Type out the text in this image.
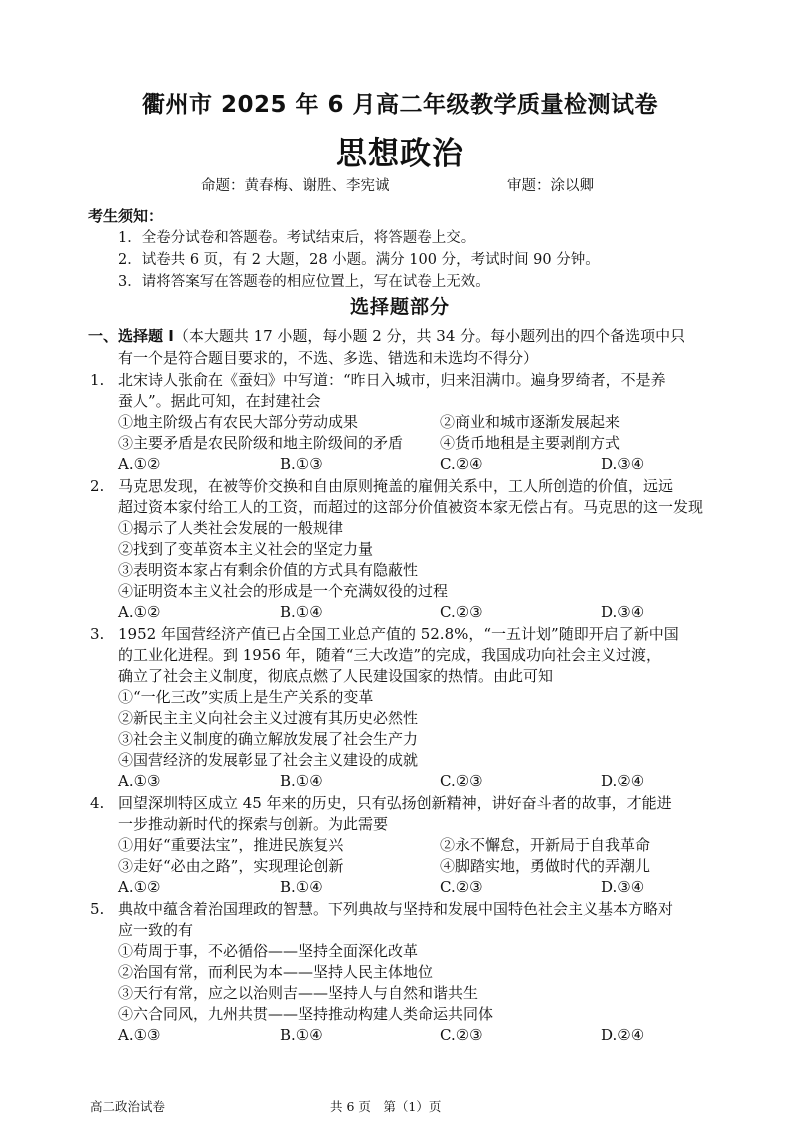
衢州市 2025 年 6 月高二年级教学质量检测试卷
思想政治
命题：黄春梅、谢胜、李宪诚	审题：涂以卿
考生须知：
1．全卷分试卷和答题卷。考试结束后，将答题卷上交。
2．试卷共 6 页，有 2 大题，28 小题。满分 100 分，考试时间 90 分钟。
3．请将答案写在答题卷的相应位置上，写在试卷上无效。
选择题部分
一、选择题 I（本大题共 17 小题，每小题 2 分，共 34 分。每小题列出的四个备选项中只
有一个是符合题目要求的，不选、多选、错选和未选均不得分）
1. 北宋诗人张俞在《蚕妇》中写道：“昨日入城市，归来泪满巾。遍身罗绮者，不是养
蚕人”。据此可知，在封建社会
①地主阶级占有农民大部分劳动成果	②商业和城市逐渐发展起来
③主要矛盾是农民阶级和地主阶级间的矛盾 ④货币地租是主要剥削方式
A.①②	B.①③	C.②④	D.③④
2. 马克思发现，在被等价交换和自由原则掩盖的雇佣关系中，工人所创造的价值，远远
超过资本家付给工人的工资，而超过的这部分价值被资本家无偿占有。马克思的这一发现
①揭示了人类社会发展的一般规律
②找到了变革资本主义社会的坚定力量
③表明资本家占有剩余价值的方式具有隐蔽性
④证明资本主义社会的形成是一个充满奴役的过程
A.①②	B.①④	C.②③	D.③④
3. 1952 年国营经济产值已占全国工业总产值的 52.8%，“一五计划”随即开启了新中国
的工业化进程。到 1956 年，随着“三大改造”的完成，我国成功向社会主义过渡，
确立了社会主义制度，彻底点燃了人民建设国家的热情。由此可知
①“一化三改”实质上是生产关系的变革
②新民主主义向社会主义过渡有其历史必然性
③社会主义制度的确立解放发展了社会生产力
④国营经济的发展彰显了社会主义建设的成就
A.①③	B.①④	C.②③	D.②④
4. 回望深圳特区成立 45 年来的历史，只有弘扬创新精神，讲好奋斗者的故事，才能进
一步推动新时代的探索与创新。为此需要
①用好“重要法宝”，推进民族复兴	②永不懈怠，开新局于自我革命
③走好“必由之路”，实现理论创新	④脚踏实地，勇做时代的弄潮儿
A.①②	B.①④	C.②③	D.③④
5. 典故中蕴含着治国理政的智慧。下列典故与坚持和发展中国特色社会主义基本方略对
应一致的有
①苟周于事，不必循俗——坚持全面深化改革
②治国有常，而利民为本——坚持人民主体地位
③天行有常，应之以治则吉——坚持人与自然和谐共生
④六合同风，九州共贯——坚持推动构建人类命运共同体
A.①③	B.①④	C.②③	D.②④
高二政治试卷	共 6 页　第（1）页
